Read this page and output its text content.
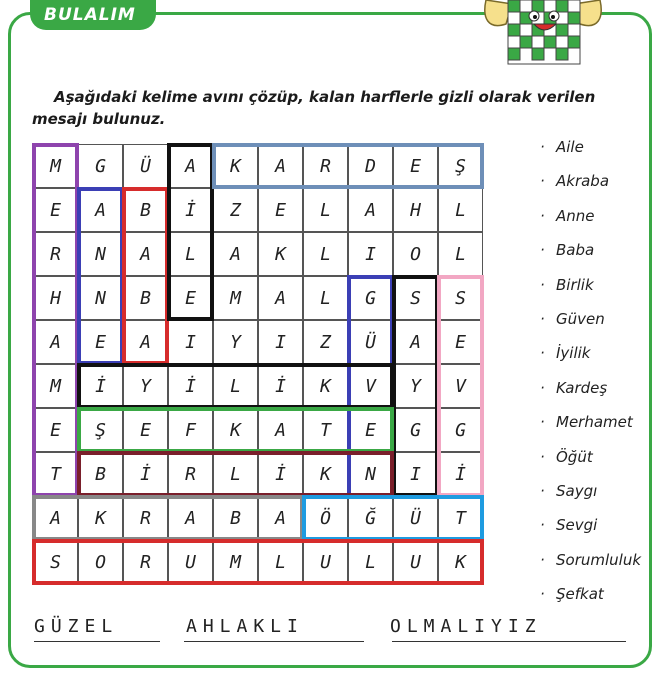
BULALIM
Aşağıdaki kelime avını çözüp, kalan harflerle gizli olarak verilen mesajı bulunuz.
M	G	Ü	A	K	A	R	D	E	Ş
E	A	B	İ	Z	E	L	A	H	L
R	N	A	L	A	K	L	I	O	L
H	N	B	E	M	A	L	G	S	S
A	E	A	I	Y	I	Z	Ü	A	E
M	İ	Y	İ	L	İ	K	V	Y	V
E	Ş	E	F	K	A	T	E	G	G
T	B	İ	R	L	İ	K	N	I	İ
A	K	R	A	B	A	Ö	Ğ	Ü	T
S	O	R	U	M	L	U	L	U	K
· Aile
· Akraba
· Anne
· Baba
· Birlik
· Güven
· İyilik
· Kardeş
· Merhamet
· Öğüt
· Saygı
· Sevgi
· Sorumluluk
· Şefkat
GÜZEL	AHLAKLI	OLMALIYIZ
